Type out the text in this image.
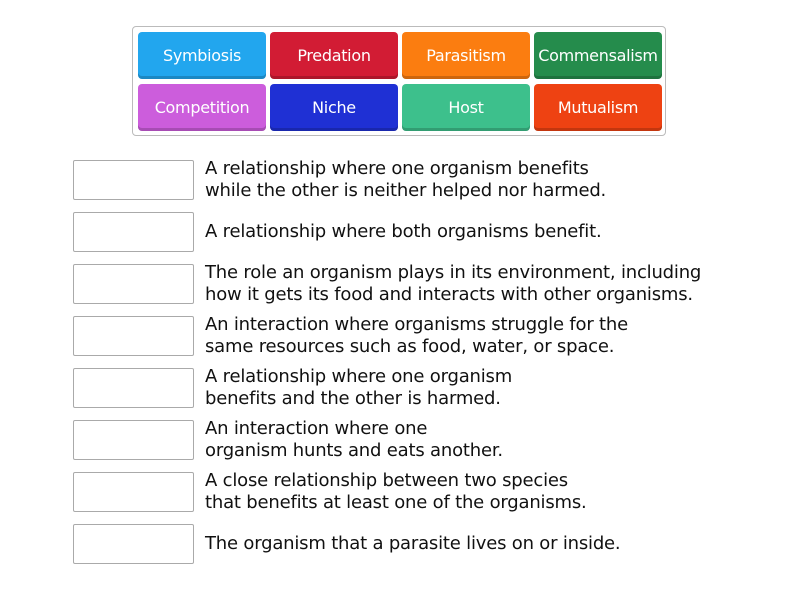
Symbiosis	Predation	Parasitism	Commensalism
Competition	Niche	Host	Mutualism
A relationship where one organism benefits
while the other is neither helped nor harmed.
A relationship where both organisms benefit.
The role an organism plays in its environment, including
how it gets its food and interacts with other organisms.
An interaction where organisms struggle for the
same resources such as food, water, or space.
A relationship where one organism
benefits and the other is harmed.
An interaction where one
organism hunts and eats another.
A close relationship between two species
that benefits at least one of the organisms.
The organism that a parasite lives on or inside.
